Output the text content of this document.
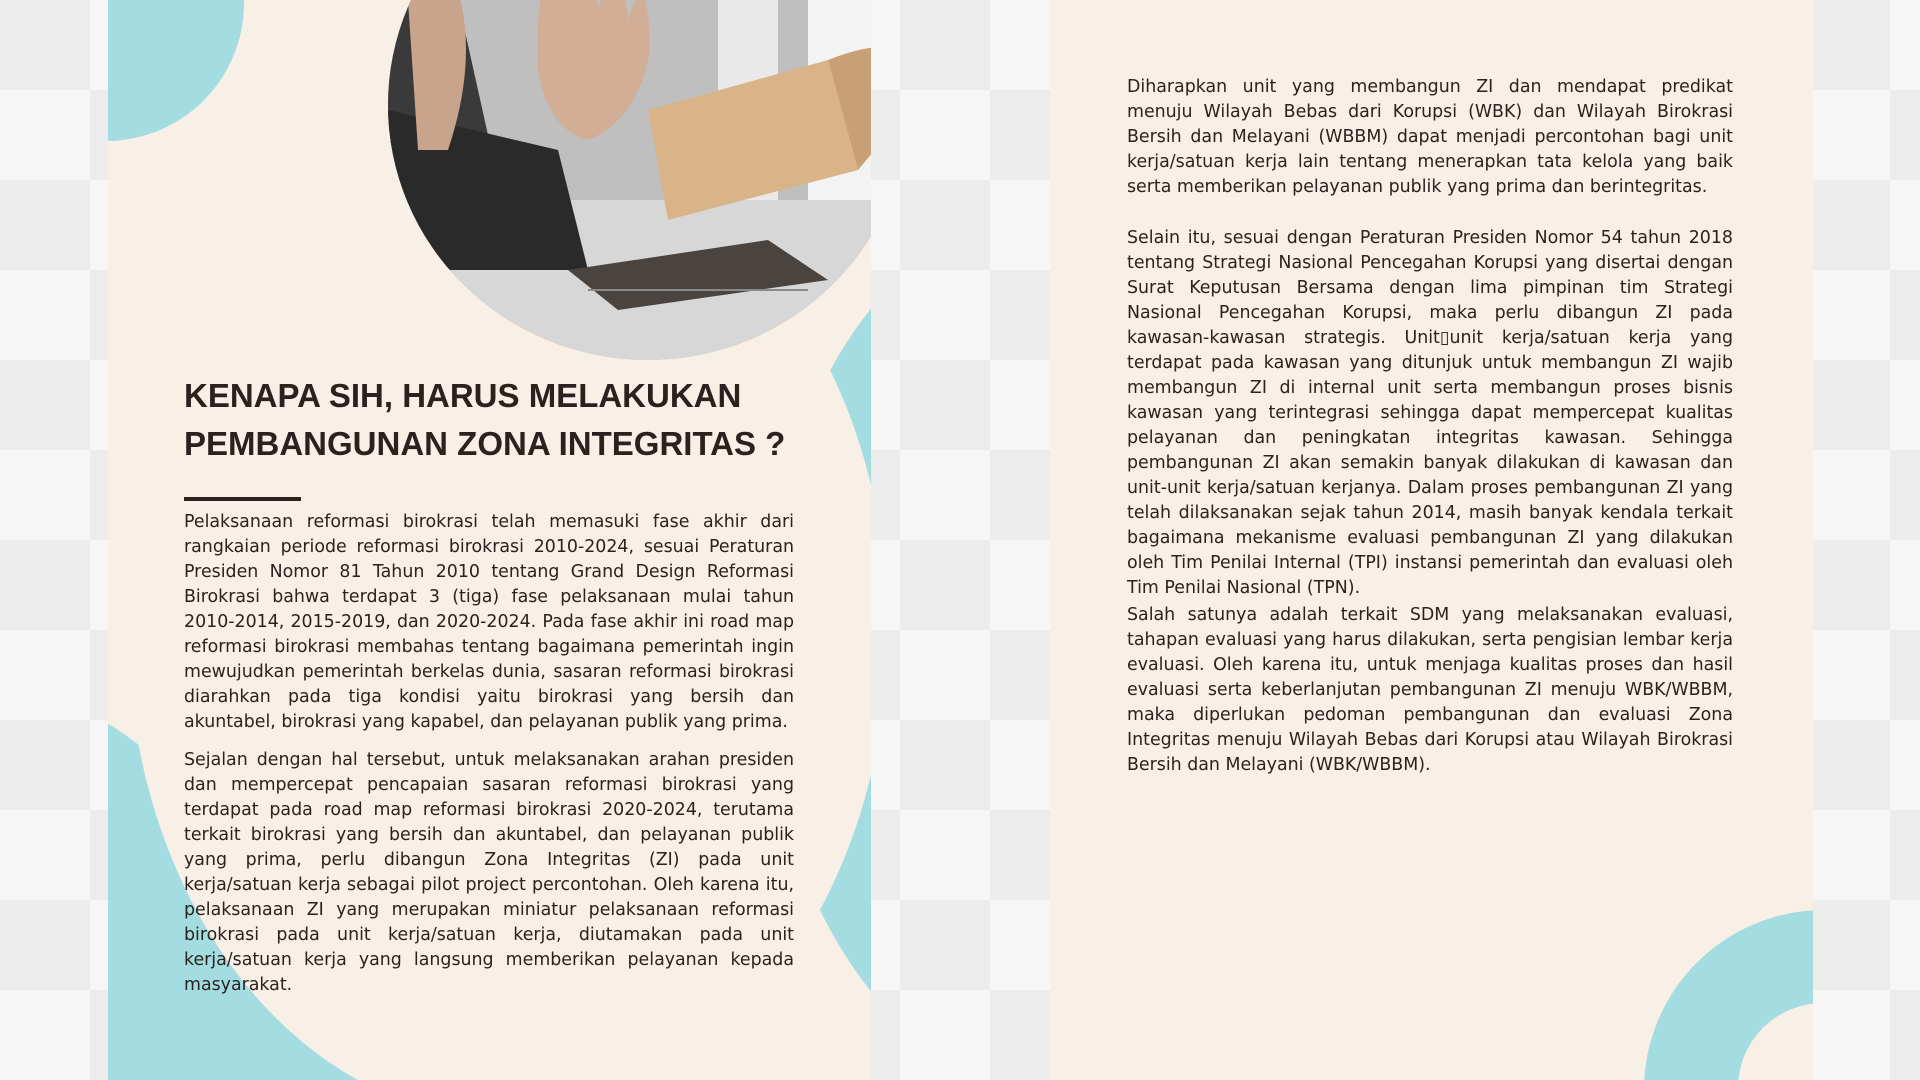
KENAPA SIH, HARUS MELAKUKAN
PEMBANGUNAN ZONA INTEGRITAS ?

Pelaksanaan reformasi birokrasi telah memasuki fase akhir dari rangkaian periode reformasi birokrasi 2010-2024, sesuai Peraturan Presiden Nomor 81 Tahun 2010 tentang Grand Design Reformasi Birokrasi bahwa terdapat 3 (tiga) fase pelaksanaan mulai tahun 2010-2014, 2015-2019, dan 2020-2024. Pada fase akhir ini road map reformasi birokrasi membahas tentang bagaimana pemerintah ingin mewujudkan pemerintah berkelas dunia, sasaran reformasi birokrasi diarahkan pada tiga kondisi yaitu birokrasi yang bersih dan akuntabel, birokrasi yang kapabel, dan pelayanan publik yang prima.

Sejalan dengan hal tersebut, untuk melaksanakan arahan presiden dan mempercepat pencapaian sasaran reformasi birokrasi yang terdapat pada road map reformasi birokrasi 2020-2024, terutama terkait birokrasi yang bersih dan akuntabel, dan pelayanan publik yang prima, perlu dibangun Zona Integritas (ZI) pada unit kerja/satuan kerja sebagai pilot project percontohan. Oleh karena itu, pelaksanaan ZI yang merupakan miniatur pelaksanaan reformasi birokrasi pada unit kerja/satuan kerja, diutamakan pada unit kerja/satuan kerja yang langsung memberikan pelayanan kepada masyarakat.

Diharapkan unit yang membangun ZI dan mendapat predikat menuju Wilayah Bebas dari Korupsi (WBK) dan Wilayah Birokrasi Bersih dan Melayani (WBBM) dapat menjadi percontohan bagi unit kerja/satuan kerja lain tentang menerapkan tata kelola yang baik serta memberikan pelayanan publik yang prima dan berintegritas.

Selain itu, sesuai dengan Peraturan Presiden Nomor 54 tahun 2018 tentang Strategi Nasional Pencegahan Korupsi yang disertai dengan Surat Keputusan Bersama dengan lima pimpinan tim Strategi Nasional Pencegahan Korupsi, maka perlu dibangun ZI pada kawasan-kawasan strategis. Unit▯unit kerja/satuan kerja yang terdapat pada kawasan yang ditunjuk untuk membangun ZI wajib membangun ZI di internal unit serta membangun proses bisnis kawasan yang terintegrasi sehingga dapat mempercepat kualitas pelayanan dan peningkatan integritas kawasan. Sehingga pembangunan ZI akan semakin banyak dilakukan di kawasan dan unit-unit kerja/satuan kerjanya. Dalam proses pembangunan ZI yang telah dilaksanakan sejak tahun 2014, masih banyak kendala terkait bagaimana mekanisme evaluasi pembangunan ZI yang dilakukan oleh Tim Penilai Internal (TPI) instansi pemerintah dan evaluasi oleh Tim Penilai Nasional (TPN).

Salah satunya adalah terkait SDM yang melaksanakan evaluasi, tahapan evaluasi yang harus dilakukan, serta pengisian lembar kerja evaluasi. Oleh karena itu, untuk menjaga kualitas proses dan hasil evaluasi serta keberlanjutan pembangunan ZI menuju WBK/WBBM, maka diperlukan pedoman pembangunan dan evaluasi Zona Integritas menuju Wilayah Bebas dari Korupsi atau Wilayah Birokrasi Bersih dan Melayani (WBK/WBBM).
